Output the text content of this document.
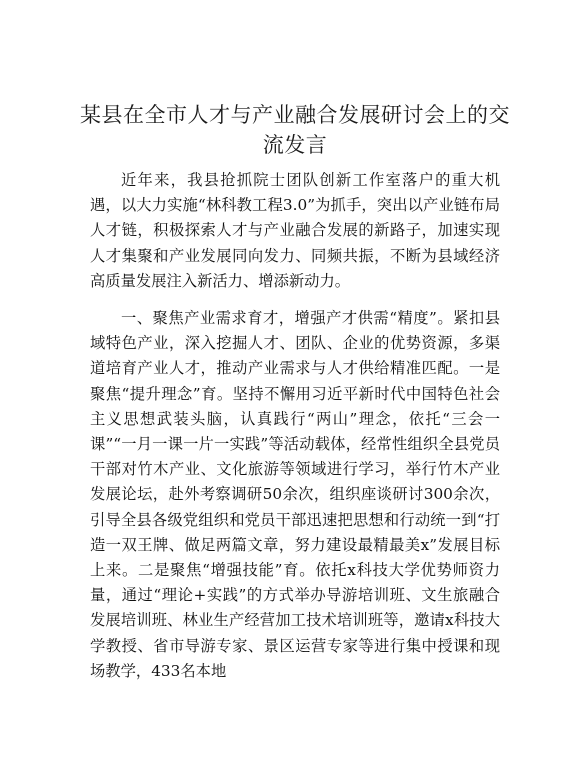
某县在全市人才与产业融合发展研讨会上的交流发言

近年来，我县抢抓院士团队创新工作室落户的重大机遇，以大力实施“林科教工程3.0”为抓手，突出以产业链布局人才链，积极探索人才与产业融合发展的新路子，加速实现人才集聚和产业发展同向发力、同频共振，不断为县域经济高质量发展注入新活力、增添新动力。

一、聚焦产业需求育才，增强产才供需“精度”。紧扣县域特色产业，深入挖掘人才、团队、企业的优势资源，多渠道培育产业人才，推动产业需求与人才供给精准匹配。一是聚焦“提升理念”育。坚持不懈用习近平新时代中国特色社会主义思想武装头脑，认真践行“两山”理念，依托“三会一课”“一月一课一片一实践”等活动载体，经常性组织全县党员干部对竹木产业、文化旅游等领域进行学习，举行竹木产业发展论坛，赴外考察调研50余次，组织座谈研讨300余次，引导全县各级党组织和党员干部迅速把思想和行动统一到“打造一双王牌、做足两篇文章，努力建设最精最美x”发展目标上来。二是聚焦“增强技能”育。依托x科技大学优势师资力量，通过“理论+实践”的方式举办导游培训班、文生旅融合发展培训班、林业生产经营加工技术培训班等，邀请x科技大学教授、省市导游专家、景区运营专家等进行集中授课和现场教学，433名本地
